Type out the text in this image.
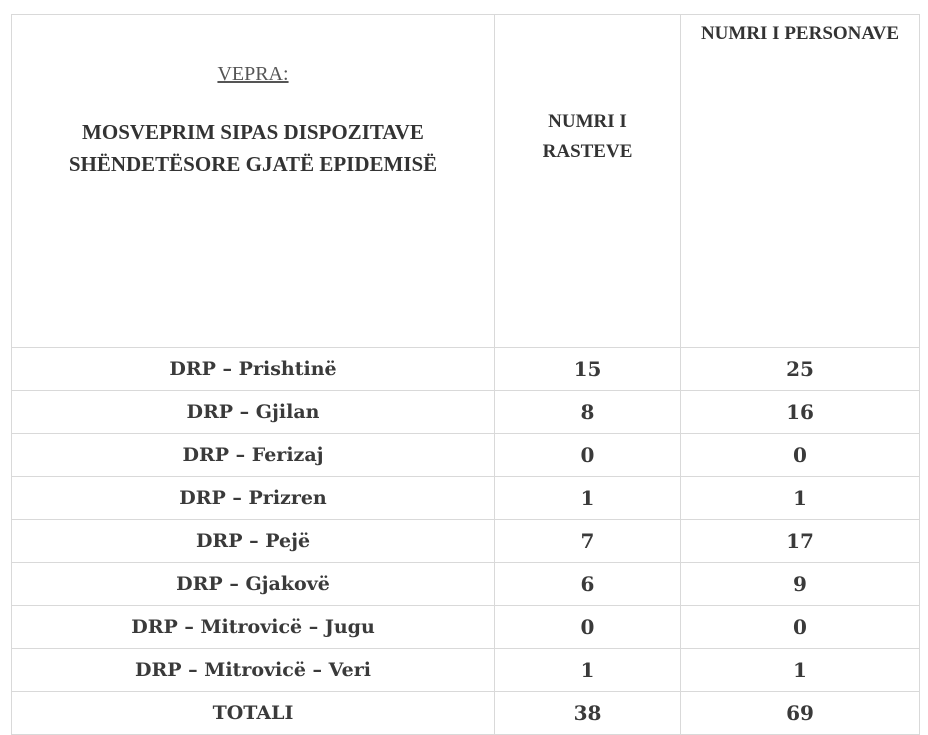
VEPRA:
MOSVEPRIM SIPAS DISPOZITAVE SHËNDETËSORE GJATË EPIDEMISË	NUMRI I RASTEVE	NUMRI I PERSONAVE
DRP – Prishtinë	15	25
DRP – Gjilan	8	16
DRP – Ferizaj	0	0
DRP – Prizren	1	1
DRP – Pejë	7	17
DRP – Gjakovë	6	9
DRP – Mitrovicë – Jugu	0	0
DRP – Mitrovicë – Veri	1	1
TOTALI	38	69
